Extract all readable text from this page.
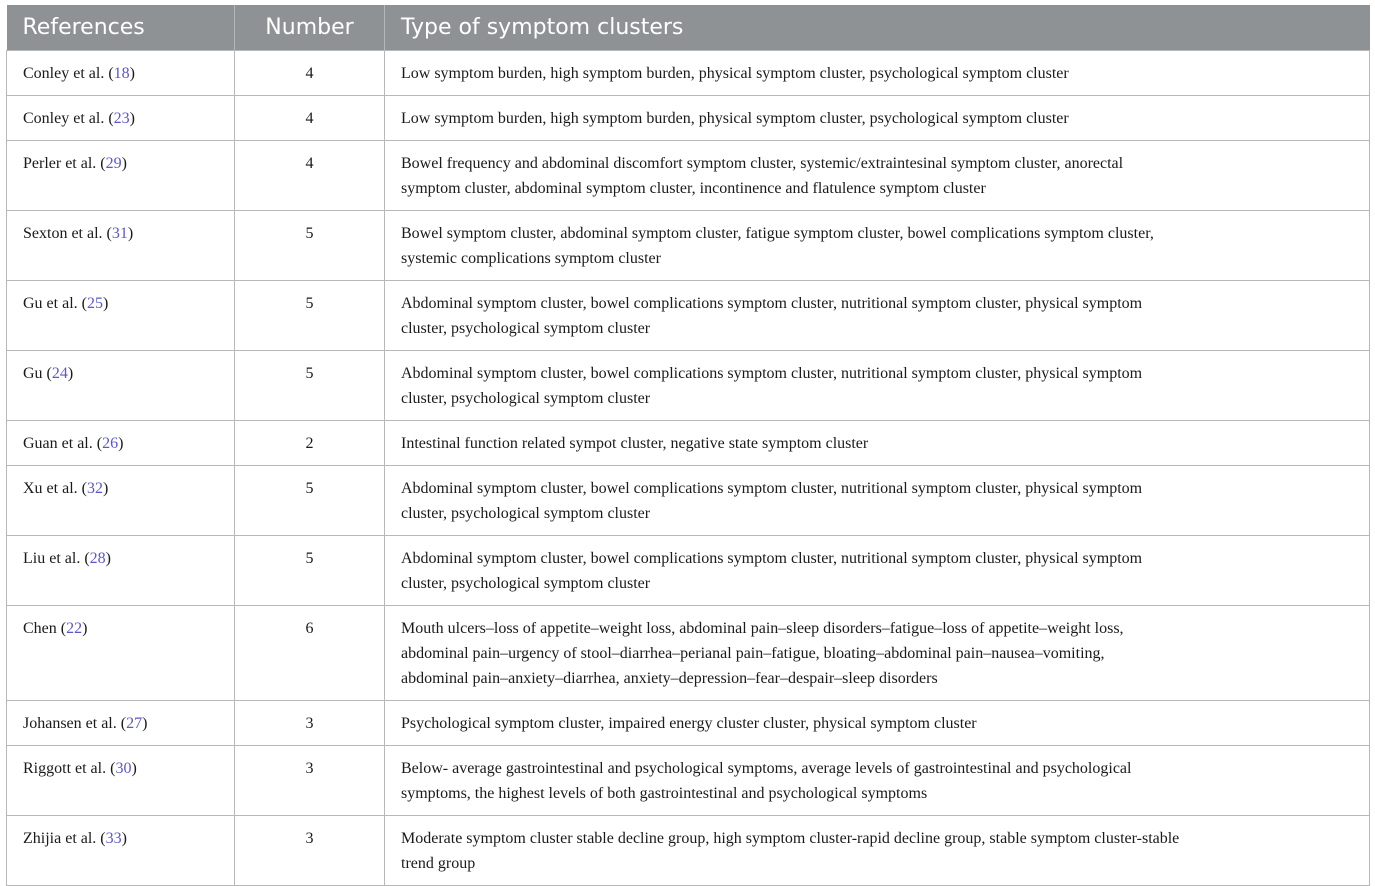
References	Number	Type of symptom clusters
Conley et al. (18)	4	Low symptom burden, high symptom burden, physical symptom cluster, psychological symptom cluster

Conley et al. (23)	4	Low symptom burden, high symptom burden, physical symptom cluster, psychological symptom cluster

Perler et al. (29)	4	Bowel frequency and abdominal discomfort symptom cluster, systemic/extraintesinal symptom cluster, anorectal
symptom cluster, abdominal symptom cluster, incontinence and flatulence symptom cluster

Sexton et al. (31)	5	Bowel symptom cluster, abdominal symptom cluster, fatigue symptom cluster, bowel complications symptom cluster,
systemic complications symptom cluster

Gu et al. (25)	5	Abdominal symptom cluster, bowel complications symptom cluster, nutritional symptom cluster, physical symptom
cluster, psychological symptom cluster

Gu (24)	5	Abdominal symptom cluster, bowel complications symptom cluster, nutritional symptom cluster, physical symptom
cluster, psychological symptom cluster

Guan et al. (26)	2	Intestinal function related sympot cluster, negative state symptom cluster

Xu et al. (32)	5	Abdominal symptom cluster, bowel complications symptom cluster, nutritional symptom cluster, physical symptom
cluster, psychological symptom cluster

Liu et al. (28)	5	Abdominal symptom cluster, bowel complications symptom cluster, nutritional symptom cluster, physical symptom
cluster, psychological symptom cluster

Chen (22)	6	Mouth ulcers–loss of appetite–weight loss, abdominal pain–sleep disorders–fatigue–loss of appetite–weight loss,
abdominal pain–urgency of stool–diarrhea–perianal pain–fatigue, bloating–abdominal pain–nausea–vomiting,
abdominal pain–anxiety–diarrhea, anxiety–depression–fear–despair–sleep disorders

Johansen et al. (27)	3	Psychological symptom cluster, impaired energy cluster cluster, physical symptom cluster

Riggott et al. (30)	3	Below- average gastrointestinal and psychological symptoms, average levels of gastrointestinal and psychological
symptoms, the highest levels of both gastrointestinal and psychological symptoms

Zhijia et al. (33)	3	Moderate symptom cluster stable decline group, high symptom cluster-rapid decline group, stable symptom cluster-stable
trend group
